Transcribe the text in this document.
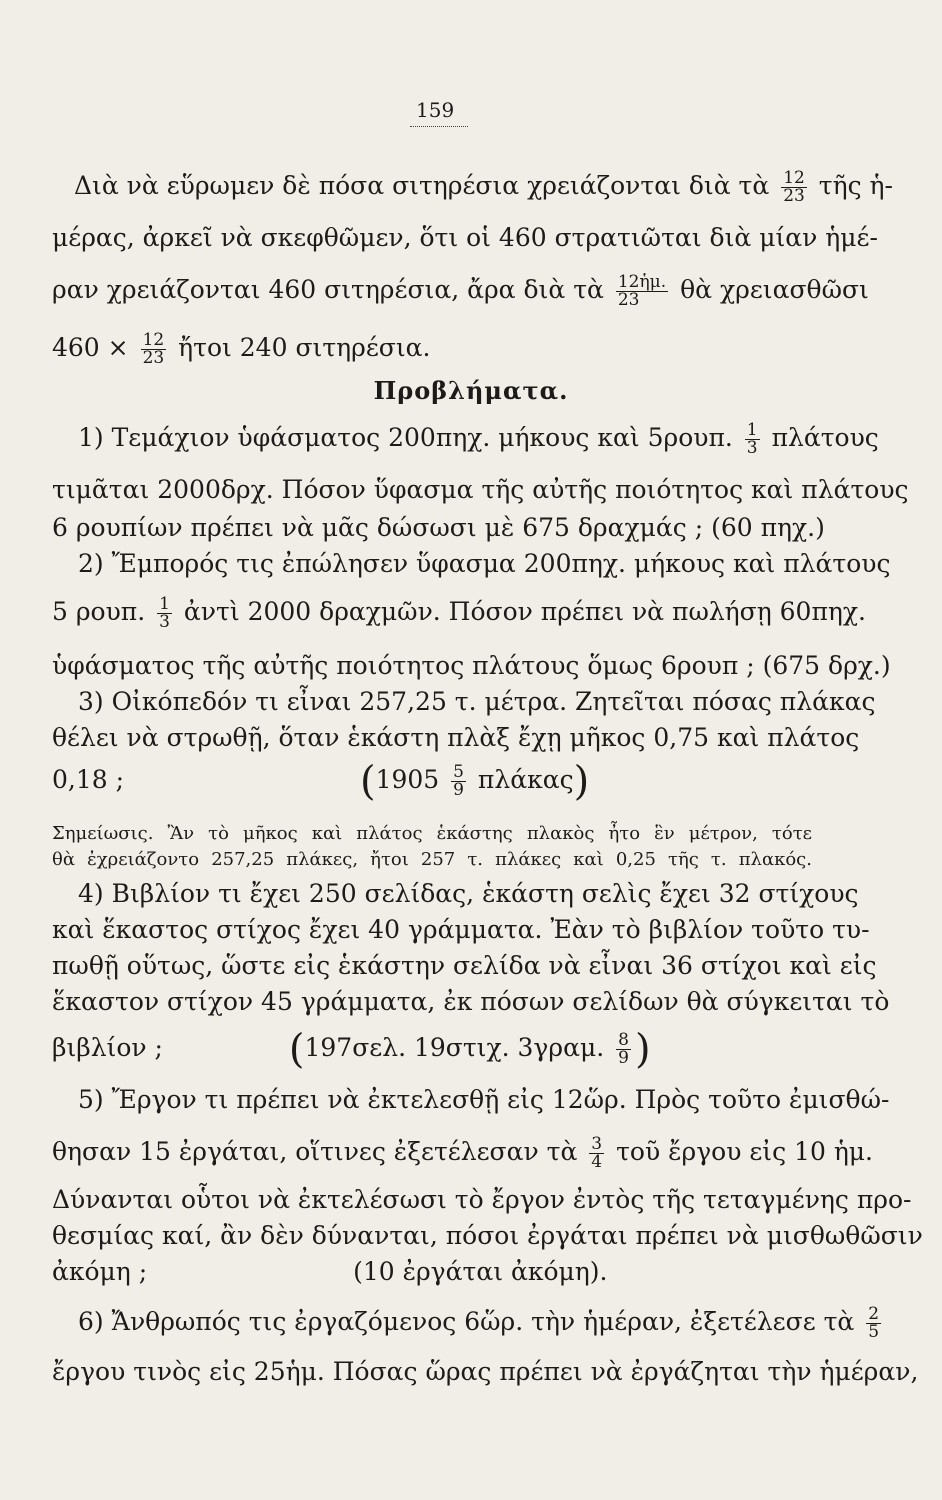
159
Διὰ νὰ εὕρωμεν δὲ πόσα σιτηρέσια χρειάζονται διὰ τὰ $\frac{12}{23}$ τῆς ἡ-
μέρας, ἀρκεῖ νὰ σκεφθῶμεν, ὅτι οἱ 460 στρατιῶται διὰ μίαν ἡμέ-
ραν χρειάζονται 460 σιτηρέσια, ἄρα διὰ τὰ $\frac{\text{12ἡμ.}}{23}$ θὰ χρειασθῶσι
$460 \times \frac{12}{23}$ ἤτοι 240 σιτηρέσια.
Προβλήματα.
1) Τεμάχιον ὑφάσματος 200πηχ. μήκους καὶ 5ρουπ. $\frac{1}{3}$ πλάτους
τιμᾶται 2000δρχ. Πόσον ὕφασμα τῆς αὐτῆς ποιότητος καὶ πλάτους
6 ρουπίων πρέπει νὰ μᾶς δώσωσι μὲ 675 δραχμάς ; (60 πηχ.)
2) Ἔμπορός τις ἐπώλησεν ὕφασμα 200πηχ. μήκους καὶ πλάτους
5 ρουπ. $\frac{1}{3}$ ἀντὶ 2000 δραχμῶν. Πόσον πρέπει νὰ πωλήσῃ 60πηχ.
ὑφάσματος τῆς αὐτῆς ποιότητος πλάτους ὅμως 6ρουπ ; (675 δρχ.)
3) Οἰκόπεδόν τι εἶναι 257,25 τ. μέτρα. Ζητεῖται πόσας πλάκας
θέλει νὰ στρωθῇ, ὅταν ἑκάστη πλὰξ ἔχῃ μῆκος 0,75 καὶ πλάτος
0,18 ;	$(1905 \frac{5}{9} \pi\lambda ά\kappa\alpha\varsigma)$
Σημείωσις. Ἂν τὸ μῆκος καὶ πλάτος ἑκάστης πλακὸς ἦτο ἓν μέτρον, τότε
θὰ ἐχρειάζοντο 257,25 πλάκες, ἤτοι 257 τ. πλάκες καὶ 0,25 τῆς τ. πλακός.
4) Βιβλίον τι ἔχει 250 σελίδας, ἑκάστη σελὶς ἔχει 32 στίχους
καὶ ἕκαστος στίχος ἔχει 40 γράμματα. Ἐὰν τὸ βιβλίον τοῦτο τυ-
πωθῇ οὕτως, ὥστε εἰς ἑκάστην σελίδα νὰ εἶναι 36 στίχοι καὶ εἰς
ἕκαστον στίχον 45 γράμματα, ἐκ πόσων σελίδων θὰ σύγκειται τὸ
βιβλίον ;	(197σελ. 19στιχ. 3γραμ. $\frac{8}{9}$ )
5) Ἔργον τι πρέπει νὰ ἐκτελεσθῇ εἰς 12ὥρ. Πρὸς τοῦτο ἐμισθώ-
θησαν 15 ἐργάται, οἵτινες ἐξετέλεσαν τὰ $\frac{3}{4}$ τοῦ ἔργου εἰς 10 ἡμ.
Δύνανται οὗτοι νὰ ἐκτελέσωσι τὸ ἔργον ἐντὸς τῆς τεταγμένης προ-
θεσμίας καί, ἂν δὲν δύνανται, πόσοι ἐργάται πρέπει νὰ μισθωθῶσιν
ἀκόμη ;	(10 ἐργάται ἀκόμη).
6) Ἄνθρωπός τις ἐργαζόμενος 6ὥρ. τὴν ἡμέραν, ἐξετέλεσε τὰ $\frac{2}{5}$
ἔργου τινὸς εἰς 25ἡμ. Πόσας ὥρας πρέπει νὰ ἐργάζηται τὴν ἡμέραν,
